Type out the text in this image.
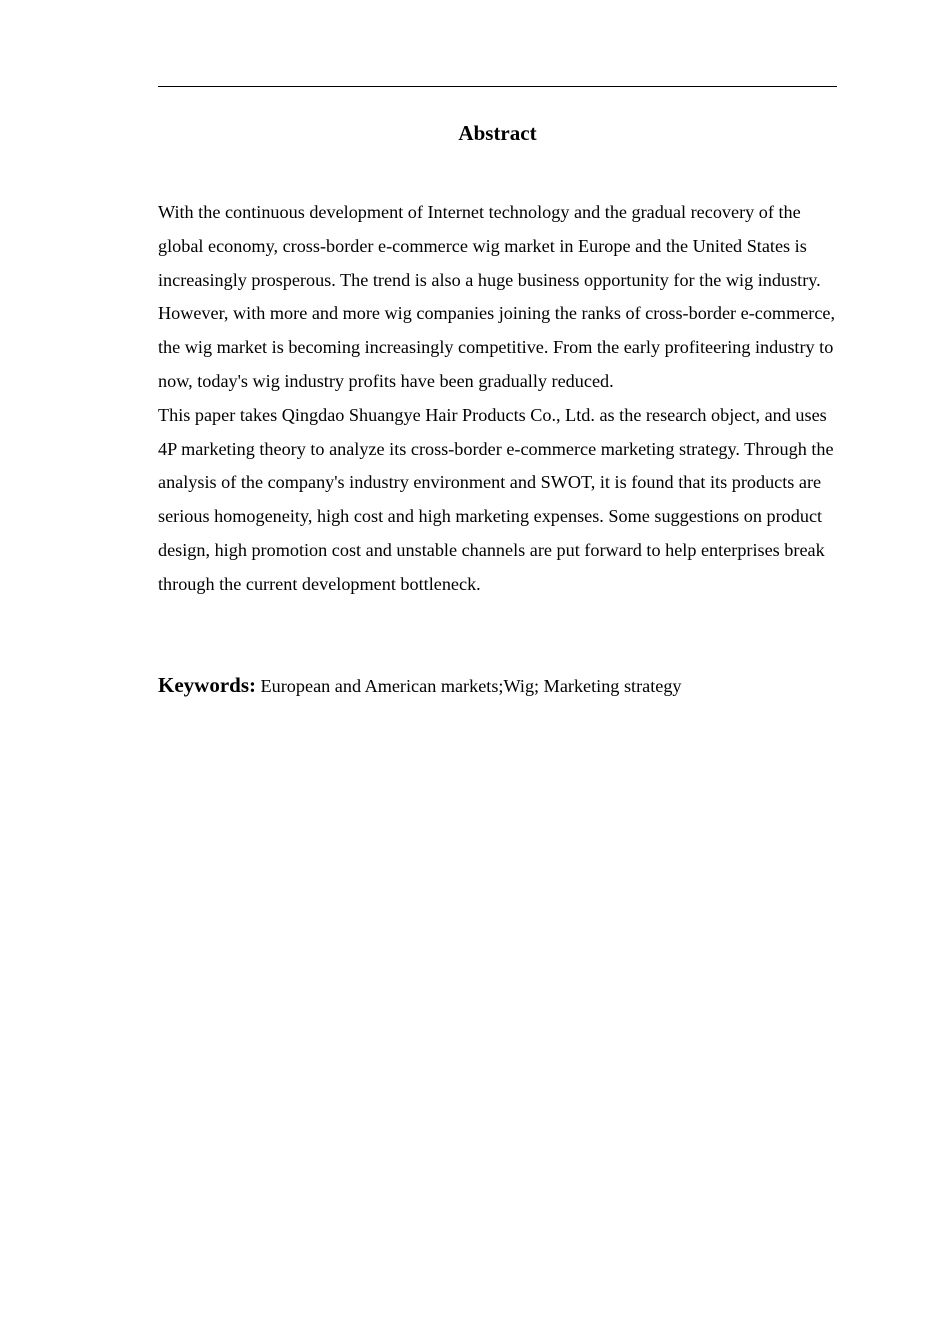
Abstract

With the continuous development of Internet technology and the gradual recovery of the global economy, cross-border e-commerce wig market in Europe and the United States is increasingly prosperous. The trend is also a huge business opportunity for the wig industry. However, with more and more wig companies joining the ranks of cross-border e-commerce, the wig market is becoming increasingly competitive. From the early profiteering industry to now, today's wig industry profits have been gradually reduced.

This paper takes Qingdao Shuangye Hair Products Co., Ltd. as the research object, and uses 4P marketing theory to analyze its cross-border e-commerce marketing strategy. Through the analysis of the company's industry environment and SWOT, it is found that its products are serious homogeneity, high cost and high marketing expenses. Some suggestions on product design, high promotion cost and unstable channels are put forward to help enterprises break through the current development bottleneck.

Keywords: European and American markets;Wig; Marketing strategy
